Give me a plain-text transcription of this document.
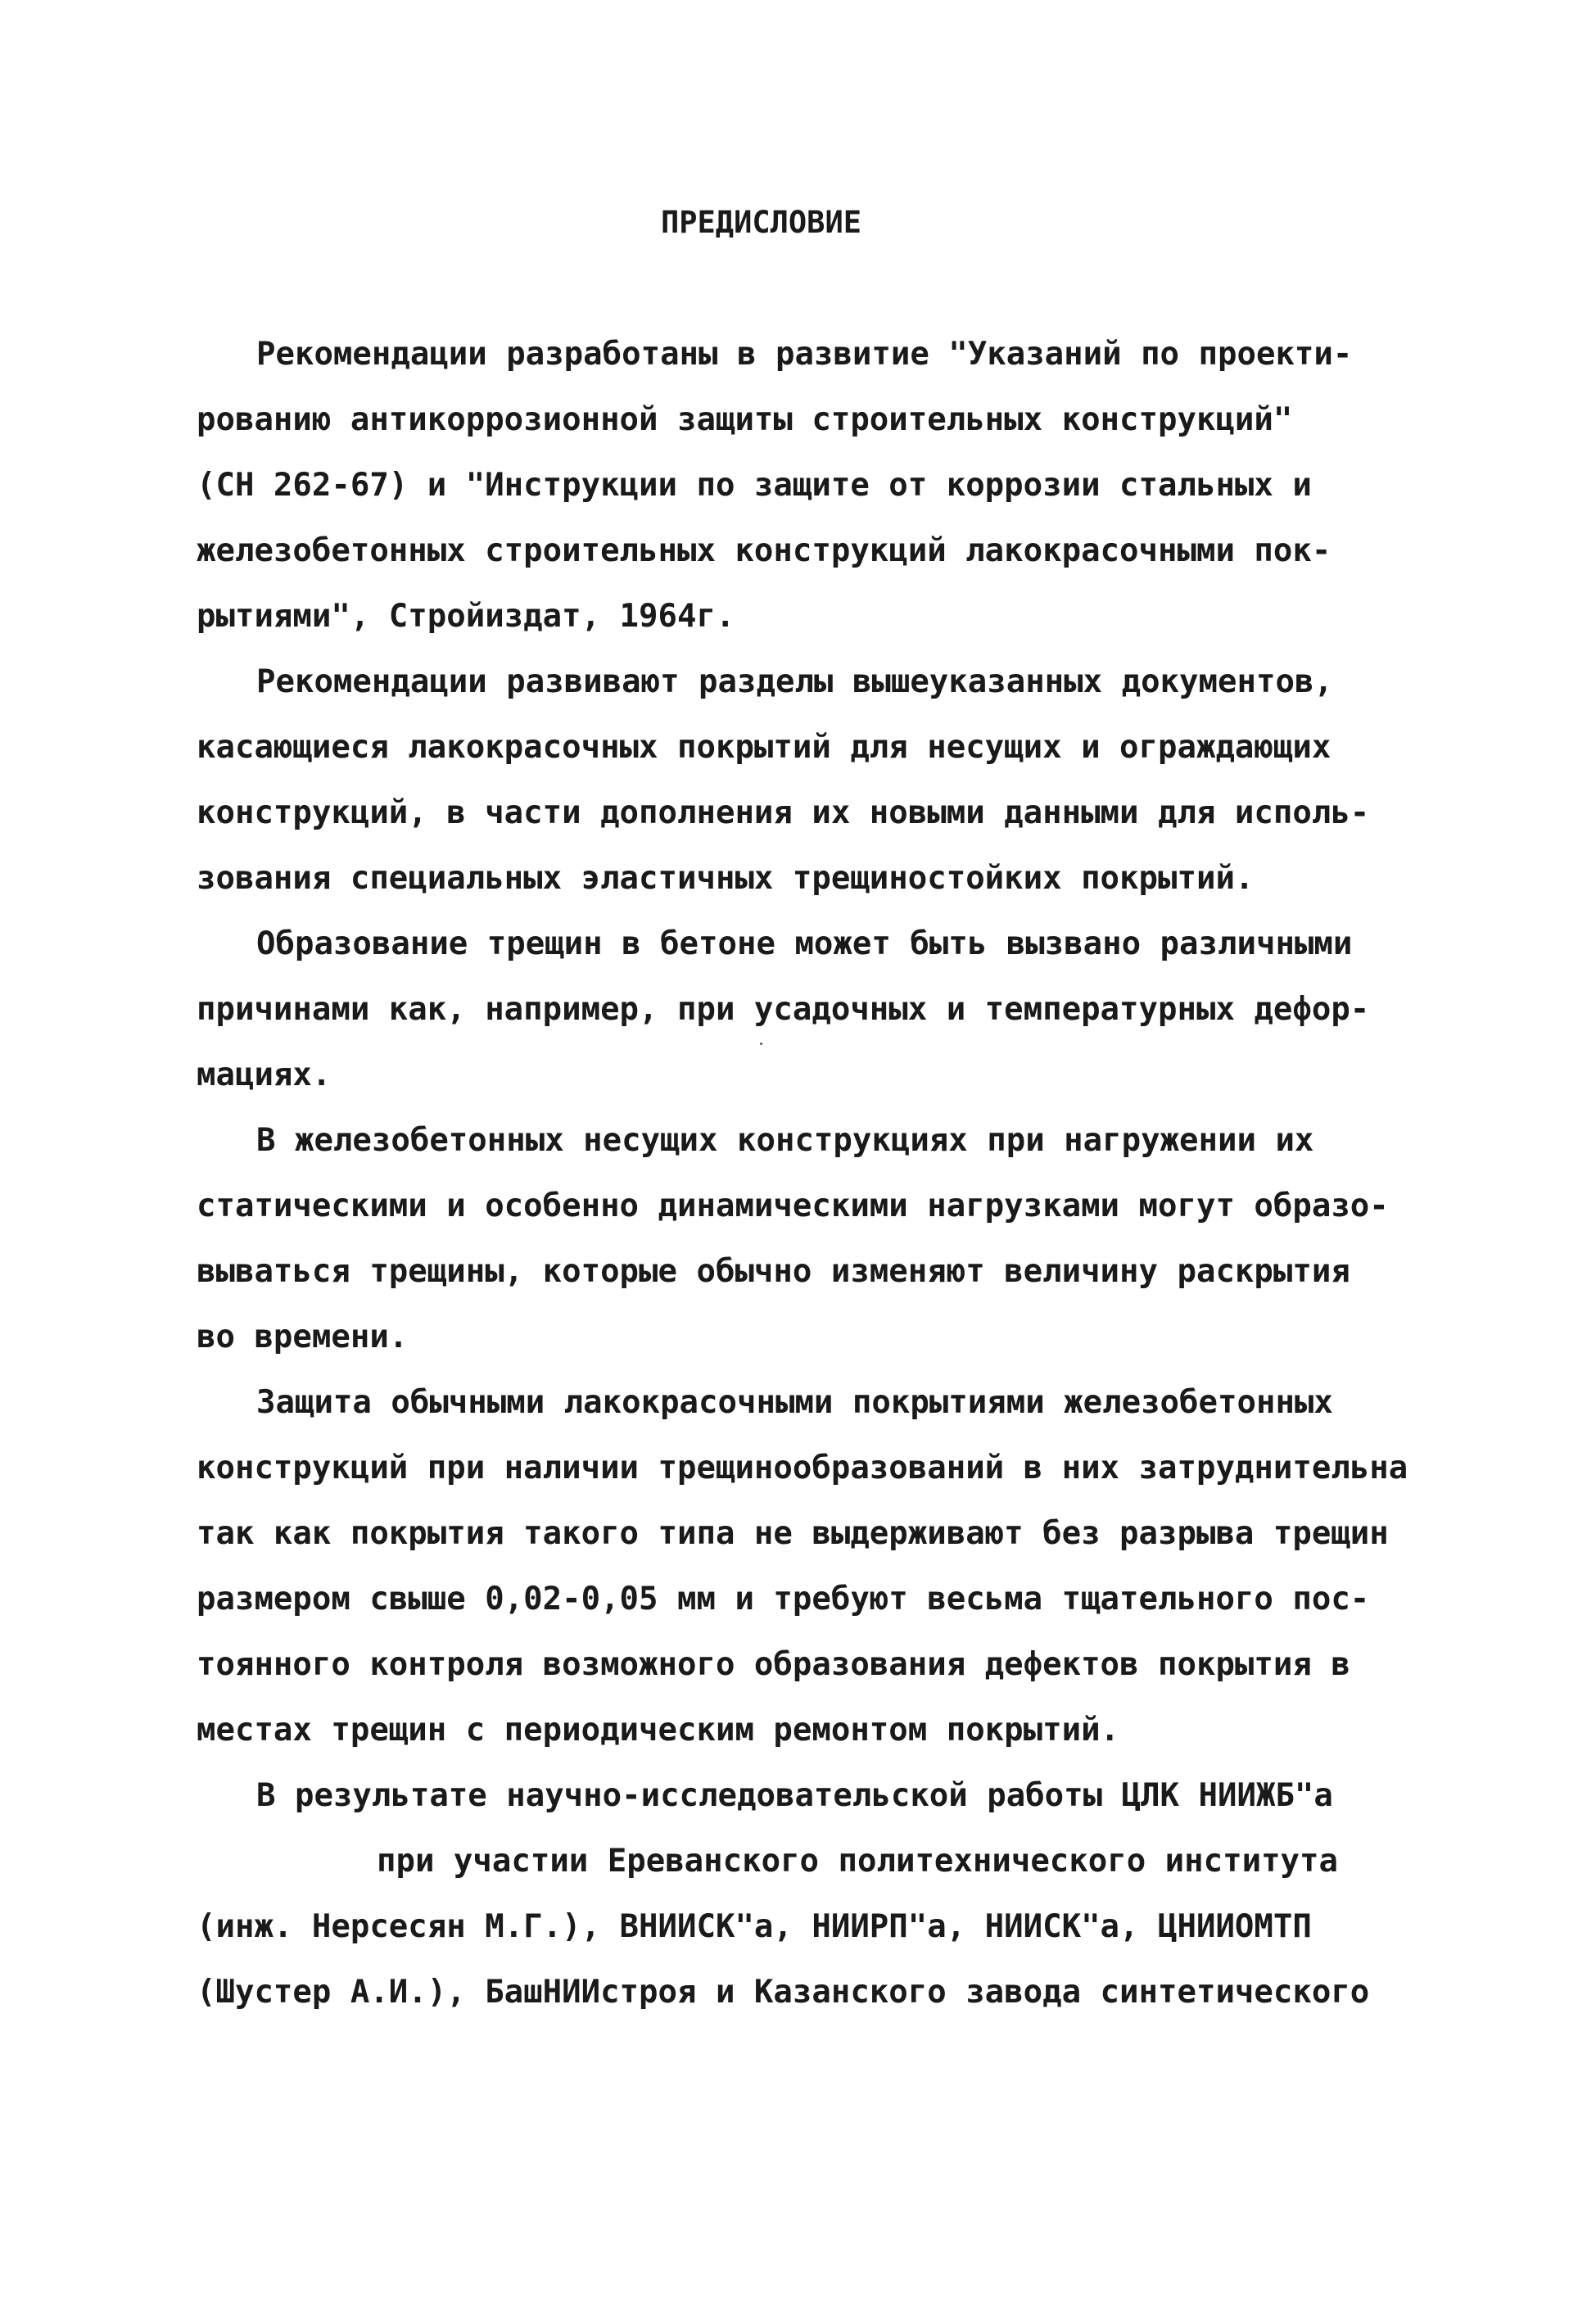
ПРЕДИСЛОВИЕ
Рекомендации разработаны в развитие "Указаний по проекти-
рованию антикоррозионной защиты строительных конструкций"
(СН 262-67) и "Инструкции по защите от коррозии стальных и
железобетонных строительных конструкций лакокрасочными пок-
рытиями", Стройиздат, 1964г.
Рекомендации развивают разделы вышеуказанных документов,
касающиеся лакокрасочных покрытий для несущих и ограждающих
конструкций, в части дополнения их новыми данными для исполь-
зования специальных эластичных трещиностойких покрытий.
Образование трещин в бетоне может быть вызвано различными
причинами как, например, при усадочных и температурных дефор-
мациях.
В железобетонных несущих конструкциях при нагружении их
статическими и особенно динамическими нагрузками могут образо-
вываться трещины, которые обычно изменяют величину раскрытия
во времени.
Защита обычными лакокрасочными покрытиями железобетонных
конструкций при наличии трещинообразований в них затруднительна
так как покрытия такого типа не выдерживают без разрыва трещин
размером свыше 0,02-0,05 мм и требуют весьма тщательного пос-
тоянного контроля возможного образования дефектов покрытия в
местах трещин с периодическим ремонтом покрытий.
В результате научно-исследовательской работы ЦЛК НИИЖБ"а
при участии Ереванского политехнического института
(инж. Нерсесян М.Г.), ВНИИСК"а, НИИРП"а, НИИСК"а, ЦНИИОМТП
(Шустер А.И.), БашНИИстроя и Казанского завода синтетического
